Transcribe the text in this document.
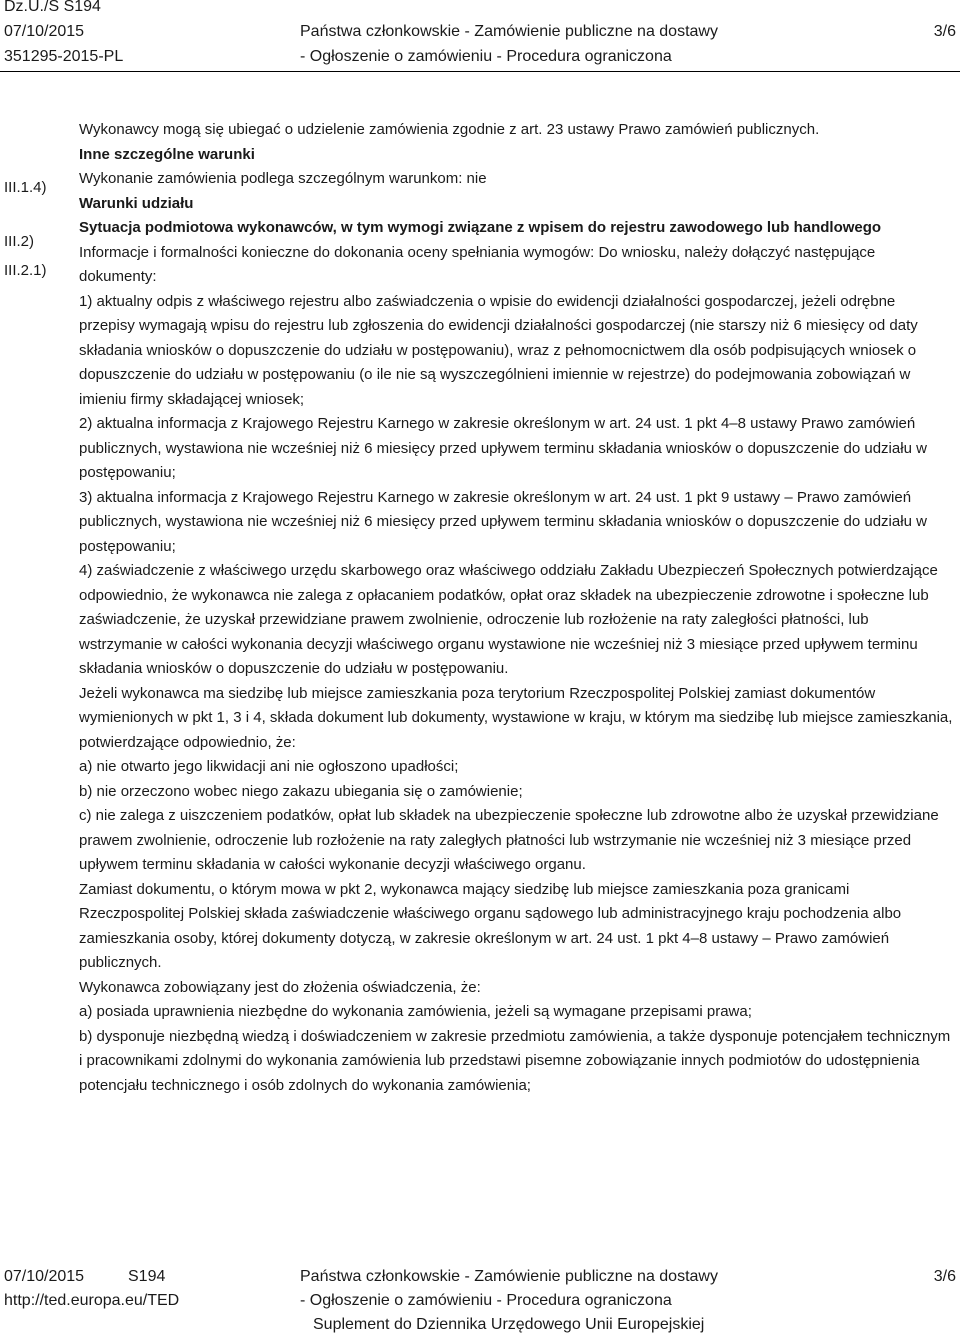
Dz.U./S S194
07/10/2015
351295-2015-PL
Państwa członkowskie - Zamówienie publiczne na dostawy
- Ogłoszenie o zamówieniu - Procedura ograniczona
3/6
III.1.4)
III.2)
III.2.1)

Wykonawcy mogą się ubiegać o udzielenie zamówienia zgodnie z art. 23 ustawy Prawo zamówień publicznych.

Inne szczególne warunki

Wykonanie zamówienia podlega szczególnym warunkom: nie

Warunki udziału

Sytuacja podmiotowa wykonawców, w tym wymogi związane z wpisem do rejestru zawodowego lub handlowego

Informacje i formalności konieczne do dokonania oceny spełniania wymogów: Do wniosku, należy dołączyć następujące dokumenty:

1) aktualny odpis z właściwego rejestru albo zaświadczenia o wpisie do ewidencji działalności gospodarczej, jeżeli odrębne przepisy wymagają wpisu do rejestru lub zgłoszenia do ewidencji działalności gospodarczej (nie starszy niż 6 miesięcy od daty składania wniosków o dopuszczenie do udziału w postępowaniu), wraz z pełnomocnictwem dla osób podpisujących wniosek o dopuszczenie do udziału w postępowaniu (o ile nie są wyszczególnieni imiennie w rejestrze) do podejmowania zobowiązań w imieniu firmy składającej wniosek;

2) aktualna informacja z Krajowego Rejestru Karnego w zakresie określonym w art. 24 ust. 1 pkt 4–8 ustawy Prawo zamówień publicznych, wystawiona nie wcześniej niż 6 miesięcy przed upływem terminu składania wniosków o dopuszczenie do udziału w postępowaniu;

3) aktualna informacja z Krajowego Rejestru Karnego w zakresie określonym w art. 24 ust. 1 pkt 9 ustawy – Prawo zamówień publicznych, wystawiona nie wcześniej niż 6 miesięcy przed upływem terminu składania wniosków o dopuszczenie do udziału w postępowaniu;

4) zaświadczenie z właściwego urzędu skarbowego oraz właściwego oddziału Zakładu Ubezpieczeń Społecznych potwierdzające odpowiednio, że wykonawca nie zalega z opłacaniem podatków, opłat oraz składek na ubezpieczenie zdrowotne i społeczne lub zaświadczenie, że uzyskał przewidziane prawem zwolnienie, odroczenie lub rozłożenie na raty zaległości płatności, lub wstrzymanie w całości wykonania decyzji właściwego organu wystawione nie wcześniej niż 3 miesiące przed upływem terminu składania wniosków o dopuszczenie do udziału w postępowaniu.

Jeżeli wykonawca ma siedzibę lub miejsce zamieszkania poza terytorium Rzeczpospolitej Polskiej zamiast dokumentów wymienionych w pkt 1, 3 i 4, składa dokument lub dokumenty, wystawione w kraju, w którym ma siedzibę lub miejsce zamieszkania, potwierdzające odpowiednio, że:

a) nie otwarto jego likwidacji ani nie ogłoszono upadłości;

b) nie orzeczono wobec niego zakazu ubiegania się o zamówienie;

c) nie zalega z uiszczeniem podatków, opłat lub składek na ubezpieczenie społeczne lub zdrowotne albo że uzyskał przewidziane prawem zwolnienie, odroczenie lub rozłożenie na raty zaległych płatności lub wstrzymanie nie wcześniej niż 3 miesiące przed upływem terminu składania w całości wykonanie decyzji właściwego organu.

Zamiast dokumentu, o którym mowa w pkt 2, wykonawca mający siedzibę lub miejsce zamieszkania poza granicami Rzeczpospolitej Polskiej składa zaświadczenie właściwego organu sądowego lub administracyjnego kraju pochodzenia albo zamieszkania osoby, której dokumenty dotyczą, w zakresie określonym w art. 24 ust. 1 pkt 4–8 ustawy – Prawo zamówień publicznych.

Wykonawca zobowiązany jest do złożenia oświadczenia, że:

a) posiada uprawnienia niezbędne do wykonania zamówienia, jeżeli są wymagane przepisami prawa;

b) dysponuje niezbędną wiedzą i doświadczeniem w zakresie przedmiotu zamówienia, a także dysponuje potencjałem technicznym i pracownikami zdolnymi do wykonania zamówienia lub przedstawi pisemne zobowiązanie innych podmiotów do udostępnienia potencjału technicznego i osób zdolnych do wykonania zamówienia;

07/10/2015	S194
http://ted.europa.eu/TED
Państwa członkowskie - Zamówienie publiczne na dostawy
- Ogłoszenie o zamówieniu - Procedura ograniczona
Suplement do Dziennika Urzędowego Unii Europejskiej
3/6
